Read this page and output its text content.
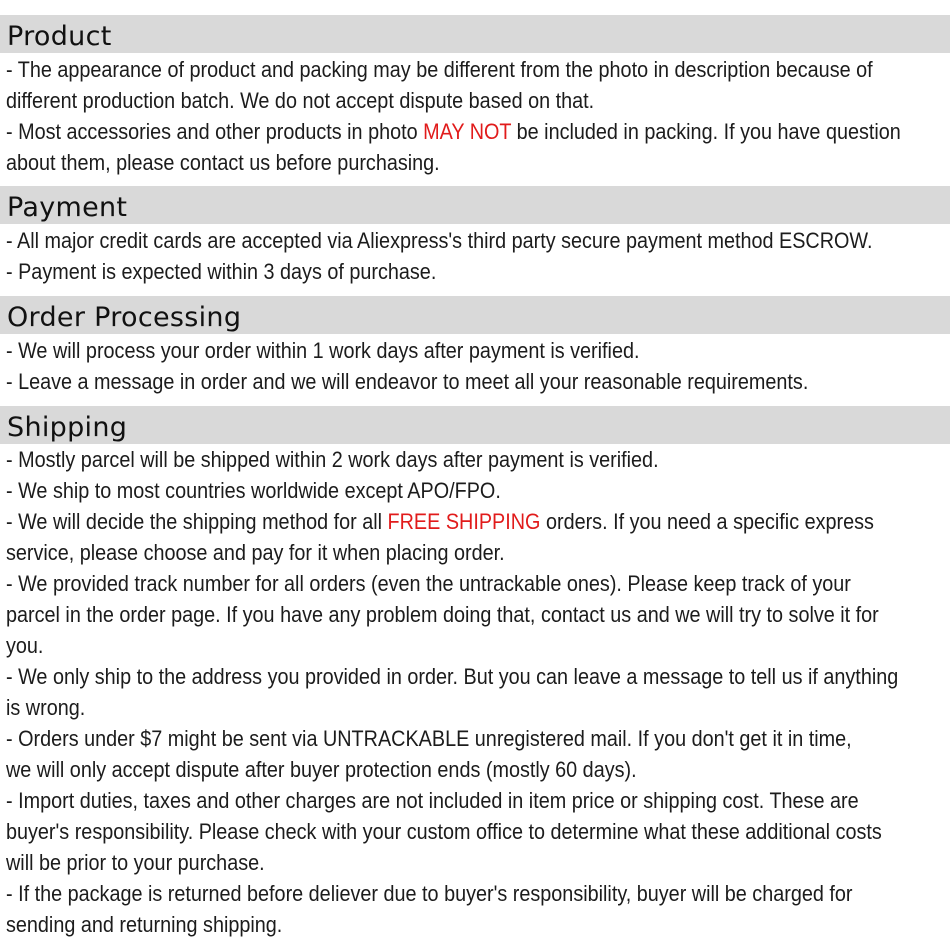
Product
- The appearance of product and packing may be different from the photo in description because of
different production batch. We do not accept dispute based on that.
- Most accessories and other products in photo MAY NOT be included in packing. If you have question
about them, please contact us before purchasing.
Payment
- All major credit cards are accepted via Aliexpress's third party secure payment method ESCROW.
- Payment is expected within 3 days of purchase.
Order Processing
- We will process your order within 1 work days after payment is verified.
- Leave a message in order and we will endeavor to meet all your reasonable requirements.
Shipping
- Mostly parcel will be shipped within 2 work days after payment is verified.
- We ship to most countries worldwide except APO/FPO.
- We will decide the shipping method for all FREE SHIPPING orders. If you need a specific express
service, please choose and pay for it when placing order.
- We provided track number for all orders (even the untrackable ones). Please keep track of your
parcel in the order page. If you have any problem doing that, contact us and we will try to solve it for
you.
- We only ship to the address you provided in order. But you can leave a message to tell us if anything
is wrong.
- Orders under $7 might be sent via UNTRACKABLE unregistered mail. If you don't get it in time,
we will only accept dispute after buyer protection ends (mostly 60 days).
- Import duties, taxes and other charges are not included in item price or shipping cost. These are
buyer's responsibility. Please check with your custom office to determine what these additional costs
will be prior to your purchase.
- If the package is returned before deliever due to buyer's responsibility, buyer will be charged for
sending and returning shipping.
